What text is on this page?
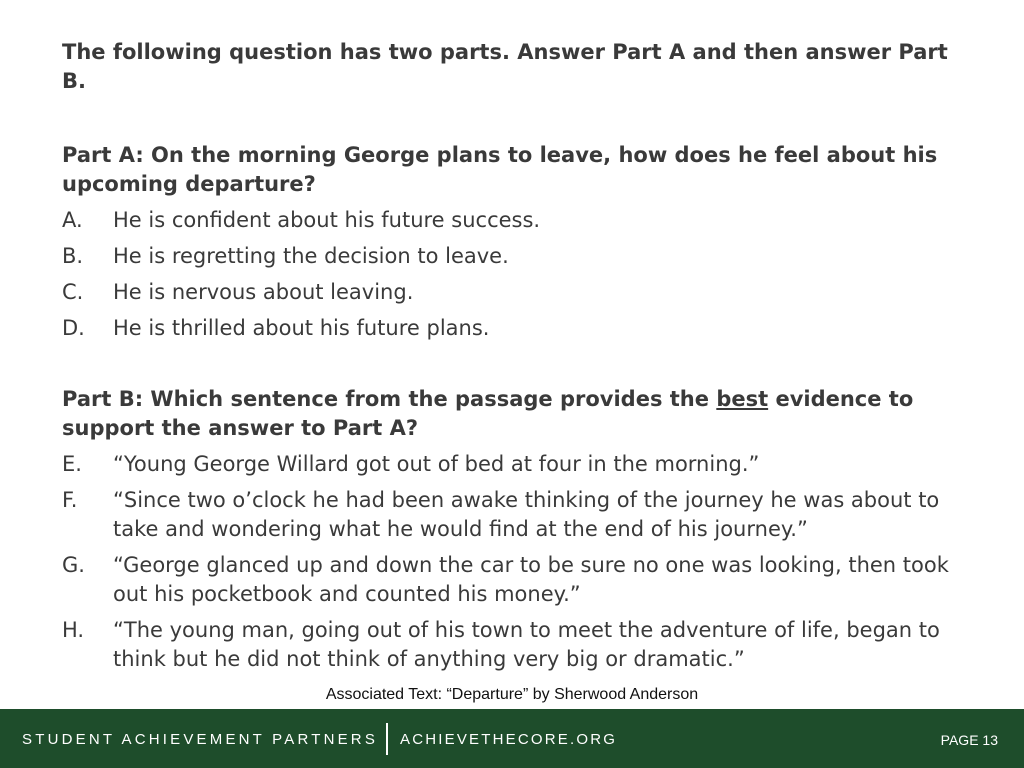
The following question has two parts. Answer Part A and then answer Part B.

Part A: On the morning George plans to leave, how does he feel about his upcoming departure?

A.	He is confident about his future success.
B.	He is regretting the decision to leave.
C.	He is nervous about leaving.
D.	He is thrilled about his future plans.

Part B: Which sentence from the passage provides the best evidence to support the answer to Part A?

E.	“Young George Willard got out of bed at four in the morning.”
F.	“Since two o’clock he had been awake thinking of the journey he was about to take and wondering what he would find at the end of his journey.”
G.	“George glanced up and down the car to be sure no one was looking, then took out his pocketbook and counted his money.”
H.	“The young man, going out of his town to meet the adventure of life, began to think but he did not think of anything very big or dramatic.”
Associated Text: “Departure” by Sherwood Anderson
STUDENT ACHIEVEMENT PARTNERS ACHIEVETHECORE.ORG	PAGE 13
